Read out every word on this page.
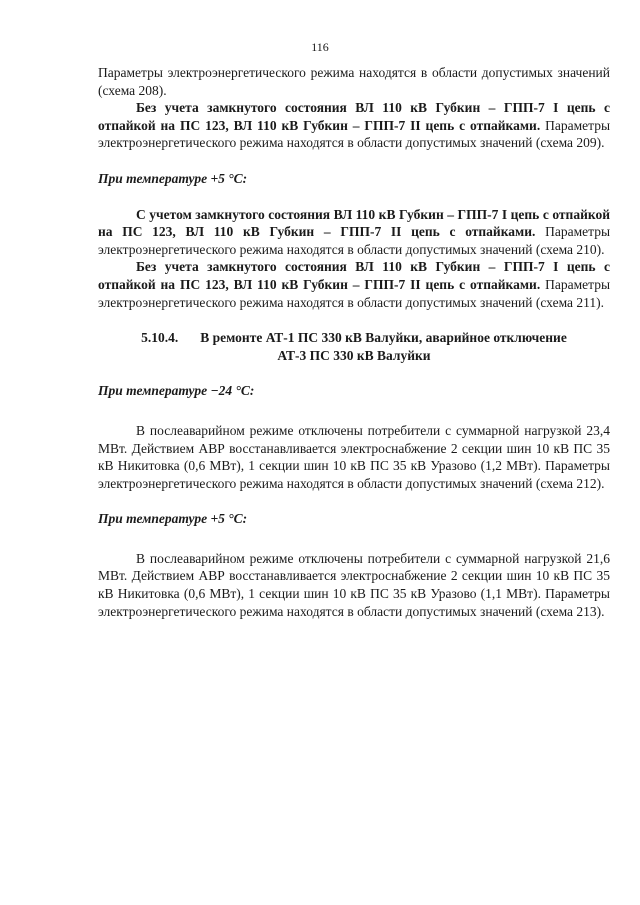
116

Параметры электроэнергетического режима находятся в области допустимых значений (схема 208).

Без учета замкнутого состояния ВЛ 110 кВ Губкин – ГПП-7 I цепь с отпайкой на ПС 123, ВЛ 110 кВ Губкин – ГПП-7 II цепь с отпайками. Параметры электроэнергетического режима находятся в области допустимых значений (схема 209).

При температуре +5 °С:

С учетом замкнутого состояния ВЛ 110 кВ Губкин – ГПП-7 I цепь с отпайкой на ПС 123, ВЛ 110 кВ Губкин – ГПП-7 II цепь с отпайками. Параметры электроэнергетического режима находятся в области допустимых значений (схема 210).

Без учета замкнутого состояния ВЛ 110 кВ Губкин – ГПП-7 I цепь с отпайкой на ПС 123, ВЛ 110 кВ Губкин – ГПП-7 II цепь с отпайками. Параметры электроэнергетического режима находятся в области допустимых значений (схема 211).

5.10.4. В ремонте АТ-1 ПС 330 кВ Валуйки, аварийное отключение

АТ-3 ПС 330 кВ Валуйки

При температуре −24 °С:

В послеаварийном режиме отключены потребители с суммарной нагрузкой 23,4 МВт. Действием АВР восстанавливается электроснабжение 2 секции шин 10 кВ ПС 35 кВ Никитовка (0,6 МВт), 1 секции шин 10 кВ ПС 35 кВ Уразово (1,2 МВт). Параметры электроэнергетического режима находятся в области допустимых значений (схема 212).

При температуре +5 °С:

В послеаварийном режиме отключены потребители с суммарной нагрузкой 21,6 МВт. Действием АВР восстанавливается электроснабжение 2 секции шин 10 кВ ПС 35 кВ Никитовка (0,6 МВт), 1 секции шин 10 кВ ПС 35 кВ Уразово (1,1 МВт). Параметры электроэнергетического режима находятся в области допустимых значений (схема 213).
